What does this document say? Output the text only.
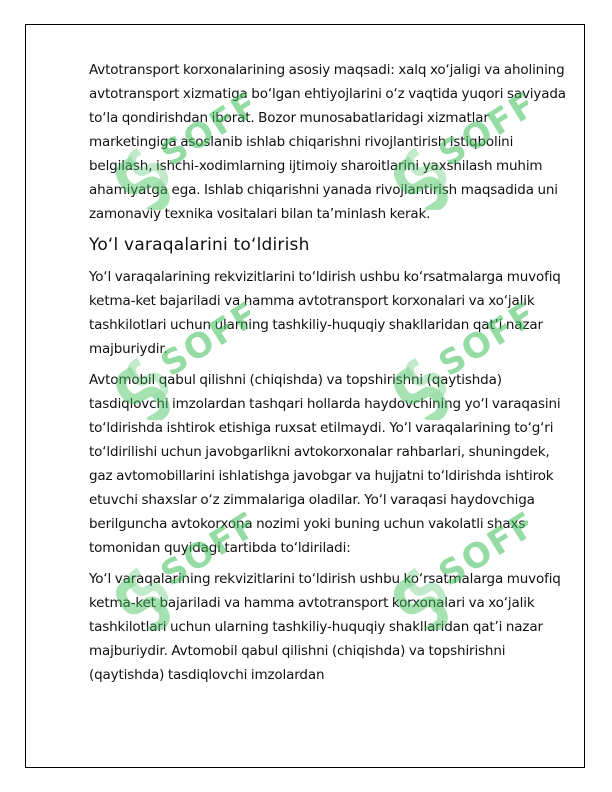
Avtotransport korxonalarining asosiy maqsadi: xalq xo‘jaligi va aholining avtotransport xizmatiga bo‘lgan ehtiyojlarini o‘z vaqtida yuqori saviyada to‘la qondirishdan iborat. Bozor munosabatlaridagi xizmatlar marketingiga asoslanib ishlab chiqarishni rivojlantirish istiqbolini belgilash, ishchi-xodimlarning ijtimoiy sharoitlarini yaxshilash muhim ahamiyatga ega. Ishlab chiqarishni yanada rivojlantirish maqsadida uni zamonaviy texnika vositalari bilan ta’minlash kerak.

Yo‘l varaqalarini to‘ldirish

Yo‘l varaqalarining rekvizitlarini to‘ldirish ushbu ko‘rsatmalarga muvofiq ketma-ket bajariladi va hamma avtotransport korxonalari va xo‘jalik tashkilotlari uchun ularning tashkiliy-huquqiy shakllaridan qat’i nazar majburiydir.

Avtomobil qabul qilishni (chiqishda) va topshirishni (qaytishda) tasdiqlovchi imzolardan tashqari hollarda haydovchining yo‘l varaqasini to‘ldirishda ishtirok etishiga ruxsat etilmaydi. Yo‘l varaqalarining to‘g‘ri to‘ldirilishi uchun javobgarlikni avtokorxonalar rahbarlari, shuningdek, gaz avtomobillarini ishlatishga javobgar va hujjatni to‘ldirishda ishtirok etuvchi shaxslar o‘z zimmalariga oladilar. Yo‘l varaqasi haydovchiga berilguncha avtokorxona nozimi yoki buning uchun vakolatli shaxs tomonidan quyidagi tartibda to‘ldiriladi:

Yo‘l varaqalarining rekvizitlarini to‘ldirish ushbu ko‘rsatmalarga muvofiq ketma-ket bajariladi va hamma avtotransport korxonalari va xo‘jalik tashkilotlari uchun ularning tashkiliy-huquqiy shakllaridan qat’i nazar majburiydir. Avtomobil qabul qilishni (chiqishda) va topshirishni (qaytishda) tasdiqlovchi imzolardan

SOFF	SOFF
SOFF	SOFF
SOFF	SOFF
